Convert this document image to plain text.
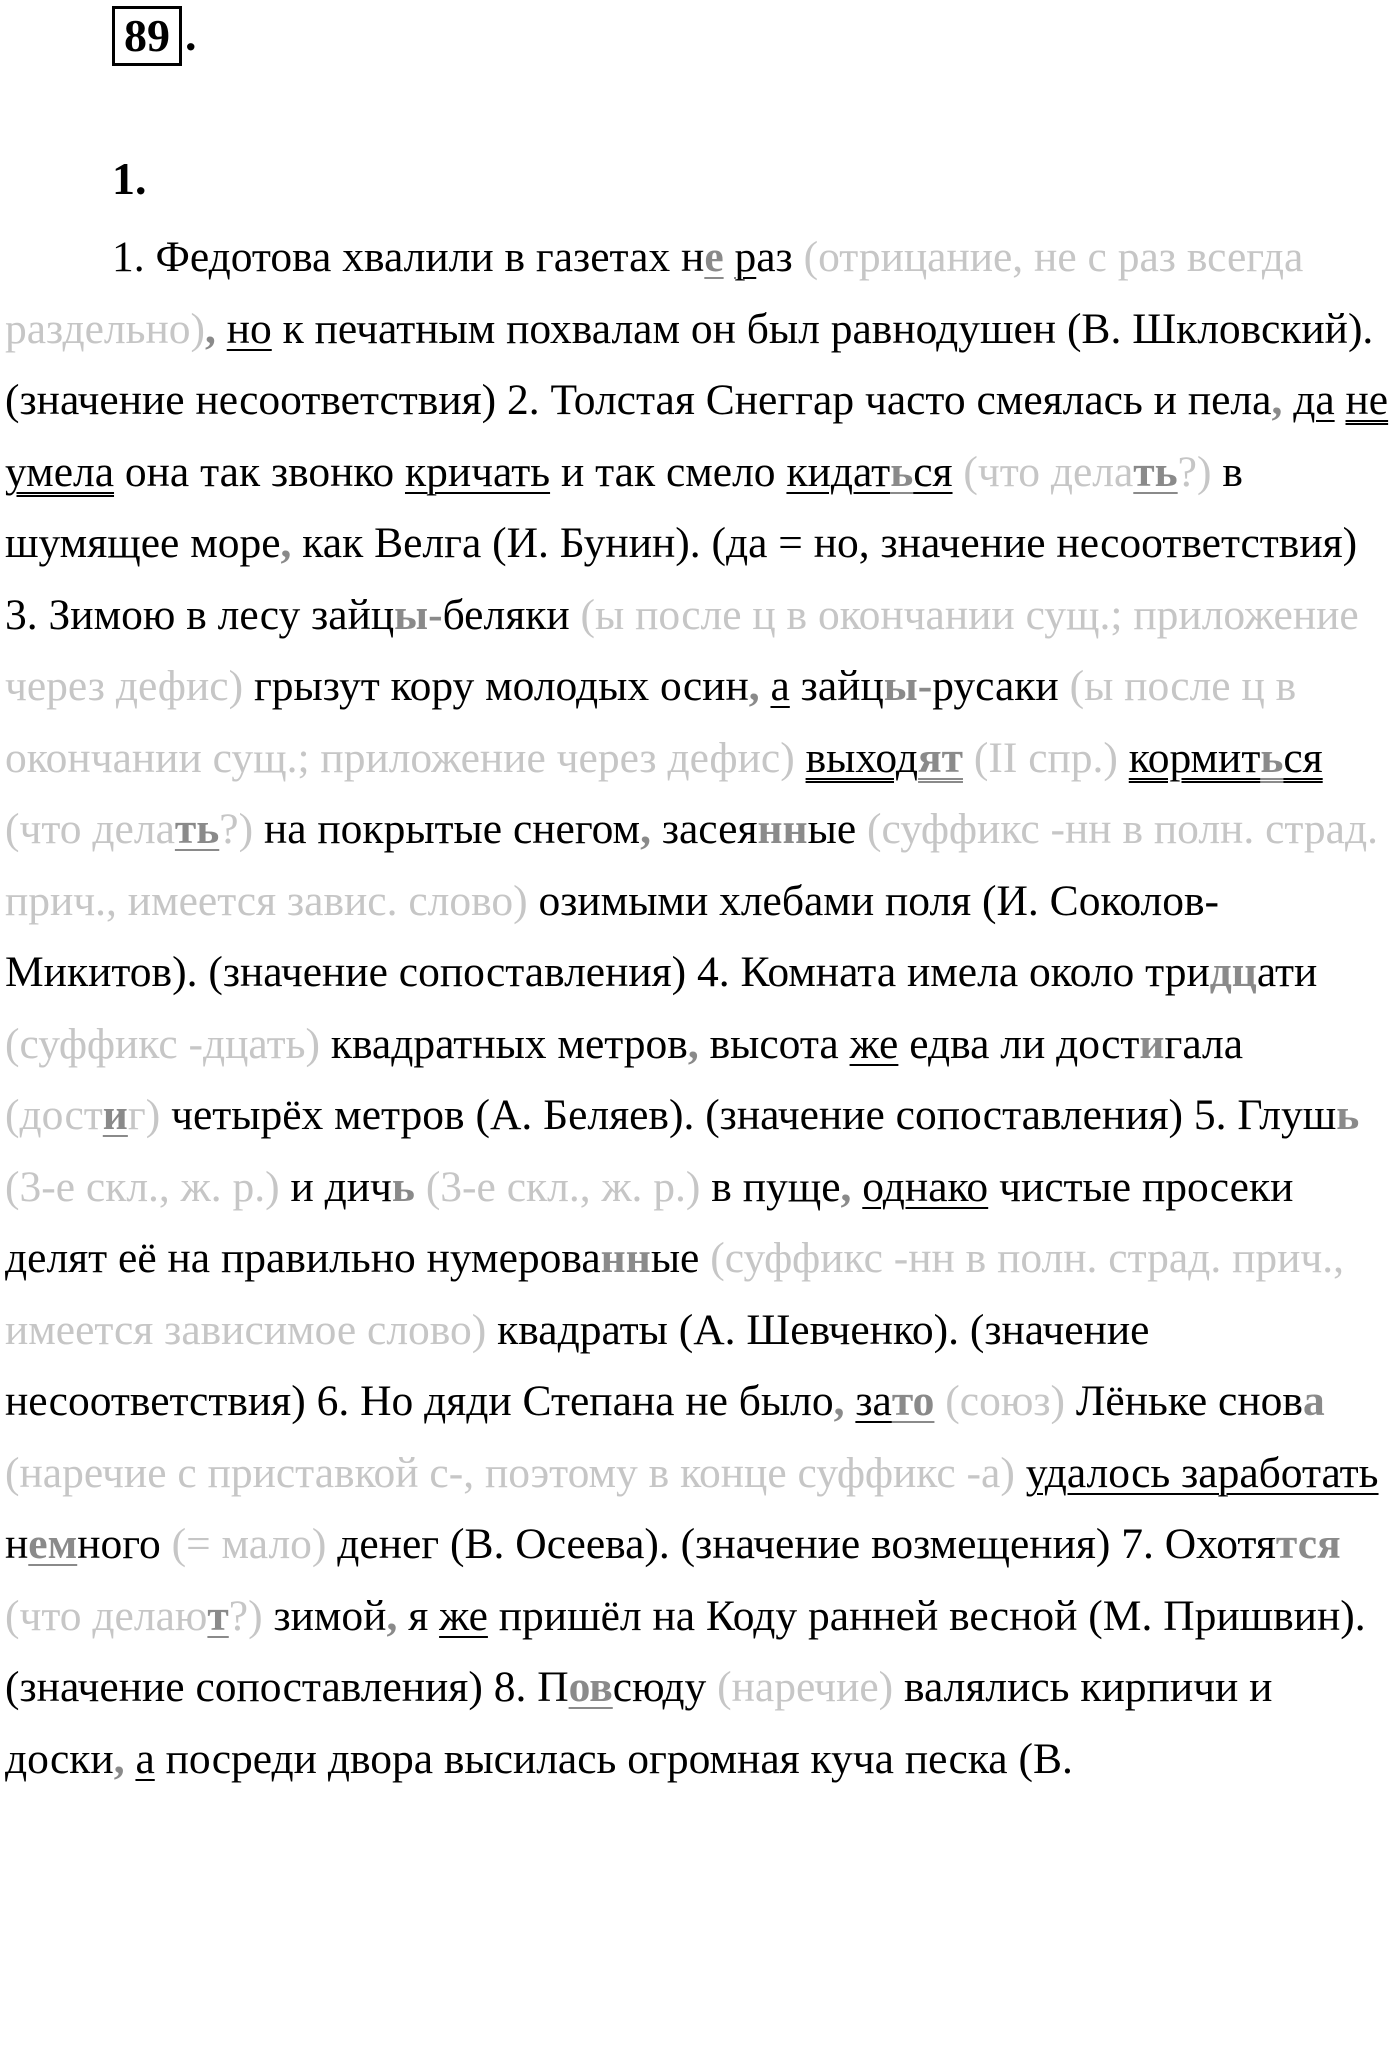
89 .
1.

1. Федотова хвалили в газетах не раз (отрицание, не с раз всегда раздельно), но к печатным похвалам он был равнодушен (В. Шкловский). (значение несоответствия) 2. Толстая Снеггар часто смеялась и пела, да не умела она так звонко кричать и так смело кидаться (что делать?) в шумящее море, как Велга (И. Бунин). (да = но, значение несоответствия) 3. Зимою в лесу зайцы-беляки (ы после ц в окончании сущ.; приложение через дефис) грызут кору молодых осин, а зайцы-русаки (ы после ц в окончании сущ.; приложение через дефис) выходят (II спр.) кормиться (что делать?) на покрытые снегом, засеянные (суффикс -нн в полн. страд. прич., имеется завис. слово) озимыми хлебами поля (И. Соколов-Микитов). (значение сопоставления) 4. Комната имела около тридцати (суффикс -дцать) квадратных метров, высота же едва ли достигала (достиг) четырёх метров (А. Беляев). (значение сопоставления) 5. Глушь (3-е скл., ж. р.) и дичь (3-е скл., ж. р.) в пуще, однако чистые просеки делят её на правильно нумерованные (суффикс -нн в полн. страд. прич., имеется зависимое слово) квадраты (А. Шевченко). (значение несоответствия) 6. Но дяди Степана не было, зато (союз) Лёньке снова (наречие с приставкой с-, поэтому в конце суффикс -а) удалось заработать немного (= мало) денег (В. Осеева). (значение возмещения) 7. Охотятся (что делают?) зимой, я же пришёл на Коду ранней весной (М. Пришвин). (значение сопоставления) 8. Повсюду (наречие) валялись кирпичи и доски, а посреди двора высилась огромная куча песка (В.
